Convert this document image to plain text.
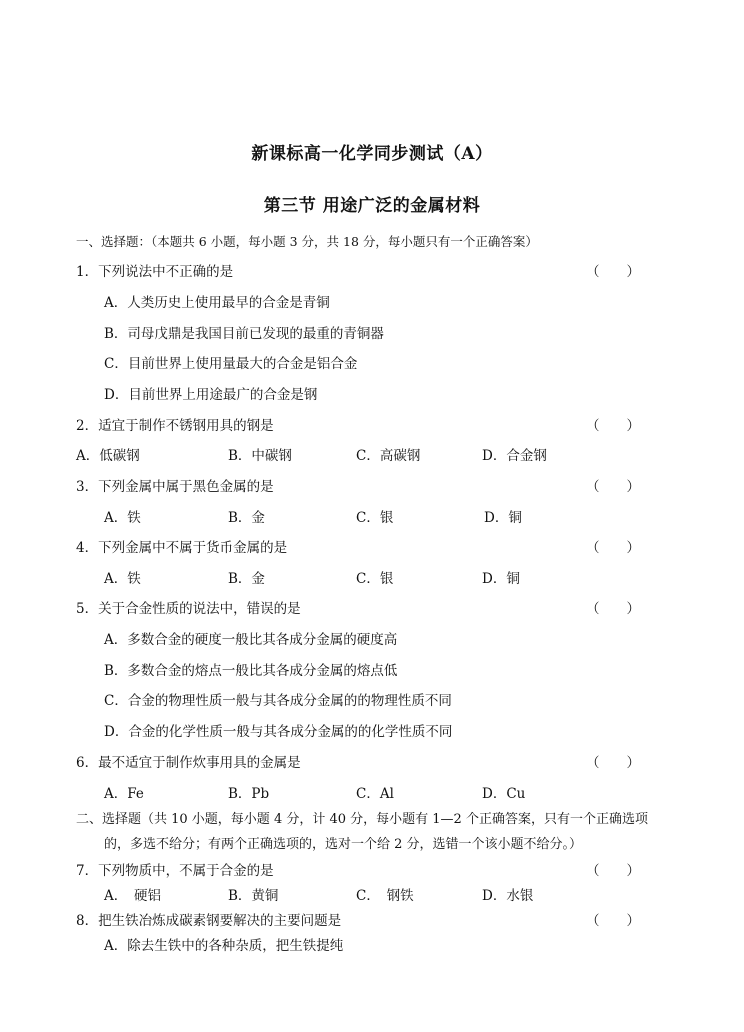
新课标高一化学同步测试（A）
第三节 用途广泛的金属材料
一、选择题：（本题共 6 小题，每小题 3 分，共 18 分，每小题只有一个正确答案）
1．下列说法中不正确的是	（　　）
A．人类历史上使用最早的合金是青铜
B．司母戊鼎是我国目前已发现的最重的青铜器
C．目前世界上使用量最大的合金是铝合金
D．目前世界上用途最广的合金是钢
2．适宜于制作不锈钢用具的钢是	（　　）
A．低碳钢	B．中碳钢	C．高碳钢	D．合金钢
3．下列金属中属于黑色金属的是	（　　）
A．铁	B．金	C．银	D．铜
4．下列金属中不属于货币金属的是	（　　）
A．铁	B．金	C．银	D．铜
5．关于合金性质的说法中，错误的是	（　　）
A．多数合金的硬度一般比其各成分金属的硬度高
B．多数合金的熔点一般比其各成分金属的熔点低
C．合金的物理性质一般与其各成分金属的的物理性质不同
D．合金的化学性质一般与其各成分金属的的化学性质不同
6．最不适宜于制作炊事用具的金属是	（　　）
A．Fe	B．Pb	C．Al	D．Cu
二、选择题（共 10 小题，每小题 4 分，计 40 分，每小题有 1—2 个正确答案，只有一个正确选项
的，多选不给分；有两个正确选项的，选对一个给 2 分，选错一个该小题不给分。）
7．下列物质中，不属于合金的是	（　　）
A．　硬铝	B．黄铜	C．　钢铁	D．水银
8．把生铁冶炼成碳素钢要解决的主要问题是	（　　）
A．除去生铁中的各种杂质，把生铁提纯
